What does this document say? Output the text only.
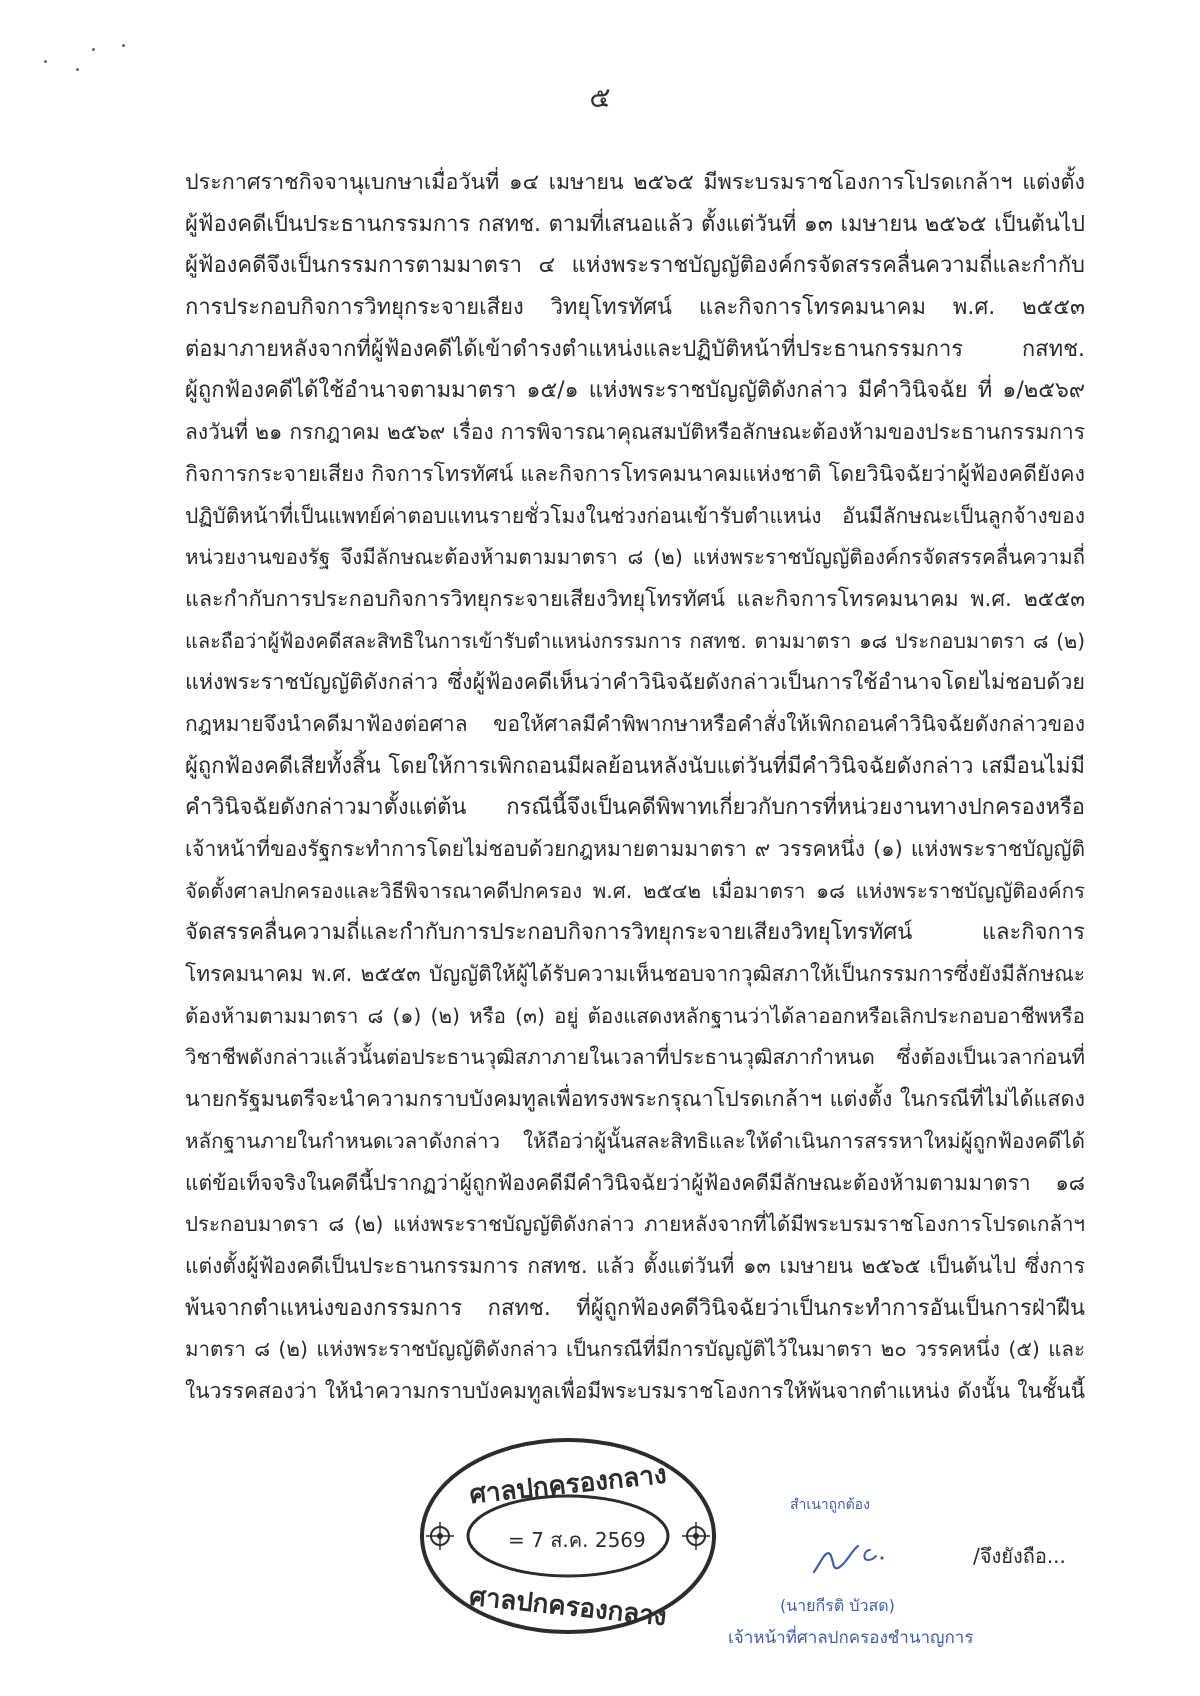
๕
ประกาศราชกิจจานุเบกษาเมื่อวันที่ ๑๔ เมษายน ๒๕๖๕ มีพระบรมราชโองการโปรดเกล้าฯ แต่งตั้ง
ผู้ฟ้องคดีเป็นประธานกรรมการ กสทช. ตามที่เสนอแล้ว ตั้งแต่วันที่ ๑๓ เมษายน ๒๕๖๕ เป็นต้นไป
ผู้ฟ้องคดีจึงเป็นกรรมการตามมาตรา ๔ แห่งพระราชบัญญัติองค์กรจัดสรรคลื่นความถี่และกำกับ
การประกอบกิจการวิทยุกระจายเสียง วิทยุโทรทัศน์ และกิจการโทรคมนาคม พ.ศ. ๒๕๕๓
ต่อมาภายหลังจากที่ผู้ฟ้องคดีได้เข้าดำรงตำแหน่งและปฏิบัติหน้าที่ประธานกรรมการ กสทช.
ผู้ถูกฟ้องคดีได้ใช้อำนาจตามมาตรา ๑๕/๑ แห่งพระราชบัญญัติดังกล่าว มีคำวินิจฉัย ที่ ๑/๒๕๖๙
ลงวันที่ ๒๑ กรกฎาคม ๒๕๖๙ เรื่อง การพิจารณาคุณสมบัติหรือลักษณะต้องห้ามของประธานกรรมการ
กิจการกระจายเสียง กิจการโทรทัศน์ และกิจการโทรคมนาคมแห่งชาติ โดยวินิจฉัยว่าผู้ฟ้องคดียังคง
ปฏิบัติหน้าที่เป็นแพทย์ค่าตอบแทนรายชั่วโมงในช่วงก่อนเข้ารับตำแหน่ง อันมีลักษณะเป็นลูกจ้างของ
หน่วยงานของรัฐ จึงมีลักษณะต้องห้ามตามมาตรา ๘ (๒) แห่งพระราชบัญญัติองค์กรจัดสรรคลื่นความถี่
และกำกับการประกอบกิจการวิทยุกระจายเสียงวิทยุโทรทัศน์ และกิจการโทรคมนาคม พ.ศ. ๒๕๕๓
และถือว่าผู้ฟ้องคดีสละสิทธิในการเข้ารับตำแหน่งกรรมการ กสทช. ตามมาตรา ๑๘ ประกอบมาตรา ๘ (๒)
แห่งพระราชบัญญัติดังกล่าว ซึ่งผู้ฟ้องคดีเห็นว่าคำวินิจฉัยดังกล่าวเป็นการใช้อำนาจโดยไม่ชอบด้วย
กฎหมายจึงนำคดีมาฟ้องต่อศาล ขอให้ศาลมีคำพิพากษาหรือคำสั่งให้เพิกถอนคำวินิจฉัยดังกล่าวของ
ผู้ถูกฟ้องคดีเสียทั้งสิ้น โดยให้การเพิกถอนมีผลย้อนหลังนับแต่วันที่มีคำวินิจฉัยดังกล่าว เสมือนไม่มี
คำวินิจฉัยดังกล่าวมาตั้งแต่ต้น กรณีนี้จึงเป็นคดีพิพาทเกี่ยวกับการที่หน่วยงานทางปกครองหรือ
เจ้าหน้าที่ของรัฐกระทำการโดยไม่ชอบด้วยกฎหมายตามมาตรา ๙ วรรคหนึ่ง (๑) แห่งพระราชบัญญัติ
จัดตั้งศาลปกครองและวิธีพิจารณาคดีปกครอง พ.ศ. ๒๕๔๒ เมื่อมาตรา ๑๘ แห่งพระราชบัญญัติองค์กร
จัดสรรคลื่นความถี่และกำกับการประกอบกิจการวิทยุกระจายเสียงวิทยุโทรทัศน์ และกิจการ
โทรคมนาคม พ.ศ. ๒๕๕๓ บัญญัติให้ผู้ได้รับความเห็นชอบจากวุฒิสภาให้เป็นกรรมการซึ่งยังมีลักษณะ
ต้องห้ามตามมาตรา ๘ (๑) (๒) หรือ (๓) อยู่ ต้องแสดงหลักฐานว่าได้ลาออกหรือเลิกประกอบอาชีพหรือ
วิชาชีพดังกล่าวแล้วนั้นต่อประธานวุฒิสภาภายในเวลาที่ประธานวุฒิสภากำหนด ซึ่งต้องเป็นเวลาก่อนที่
นายกรัฐมนตรีจะนำความกราบบังคมทูลเพื่อทรงพระกรุณาโปรดเกล้าฯ แต่งตั้ง ในกรณีที่ไม่ได้แสดง
หลักฐานภายในกำหนดเวลาดังกล่าว ให้ถือว่าผู้นั้นสละสิทธิและให้ดำเนินการสรรหาใหม่ผู้ถูกฟ้องคดีได้
แต่ข้อเท็จจริงในคดีนี้ปรากฏว่าผู้ถูกฟ้องคดีมีคำวินิจฉัยว่าผู้ฟ้องคดีมีลักษณะต้องห้ามตามมาตรา ๑๘
ประกอบมาตรา ๘ (๒) แห่งพระราชบัญญัติดังกล่าว ภายหลังจากที่ได้มีพระบรมราชโองการโปรดเกล้าฯ
แต่งตั้งผู้ฟ้องคดีเป็นประธานกรรมการ กสทช. แล้ว ตั้งแต่วันที่ ๑๓ เมษายน ๒๕๖๕ เป็นต้นไป ซึ่งการ
พ้นจากตำแหน่งของกรรมการ กสทช. ที่ผู้ถูกฟ้องคดีวินิจฉัยว่าเป็นกระทำการอันเป็นการฝ่าฝืน
มาตรา ๘ (๒) แห่งพระราชบัญญัติดังกล่าว เป็นกรณีที่มีการบัญญัติไว้ในมาตรา ๒๐ วรรคหนึ่ง (๕) และ
ในวรรคสองว่า ให้นำความกราบบังคมทูลเพื่อมีพระบรมราชโองการให้พ้นจากตำแหน่ง ดังนั้น ในชั้นนี้
ศาลปกครองกลาง
= 7 ส.ค. 2569
ศาลปกครองกลาง
สำเนาถูกต้อง
(นายกีรติ บัวสด)
เจ้าหน้าที่ศาลปกครองชำนาญการ
/จึงยังถือ...
